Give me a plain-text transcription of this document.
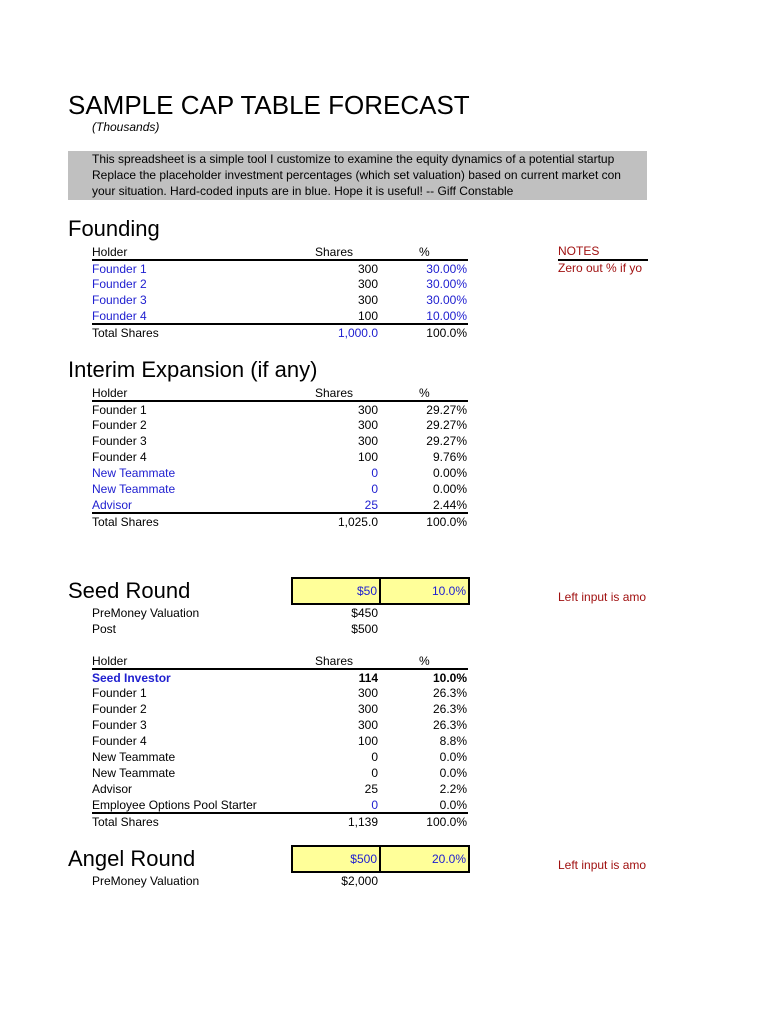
SAMPLE CAP TABLE FORECAST
(Thousands)
This spreadsheet is a simple tool I customize to examine the equity dynamics of a potential startup
Replace the placeholder investment percentages (which set valuation) based on current market con
your situation. Hard-coded inputs are in blue. Hope it is useful! -- Giff Constable
Founding
Holder	Shares	%	NOTES
Zero out % if yo
Founder 1	300	30.00%
Founder 2	300	30.00%
Founder 3	300	30.00%
Founder 4	100	10.00%
Total Shares	1,000.0	100.0%
Interim Expansion (if any)
Holder	Shares	%
Founder 1	300	29.27%
Founder 2	300	29.27%
Founder 3	300	29.27%
Founder 4	100	9.76%
New Teammate	0	0.00%
New Teammate	0	0.00%
Advisor	25	2.44%
Total Shares	1,025.0	100.0%
Seed Round	$50	10.0%	Left input is amo
PreMoney Valuation	$450
Post	$500
Holder	Shares	%
Seed Investor	114	10.0%
Founder 1	300	26.3%
Founder 2	300	26.3%
Founder 3	300	26.3%
Founder 4	100	8.8%
New Teammate	0	0.0%
New Teammate	0	0.0%
Advisor	25	2.2%
Employee Options Pool Starter	0	0.0%
Total Shares	1,139	100.0%
Angel Round	$500	20.0%	Left input is amo
PreMoney Valuation	$2,000
